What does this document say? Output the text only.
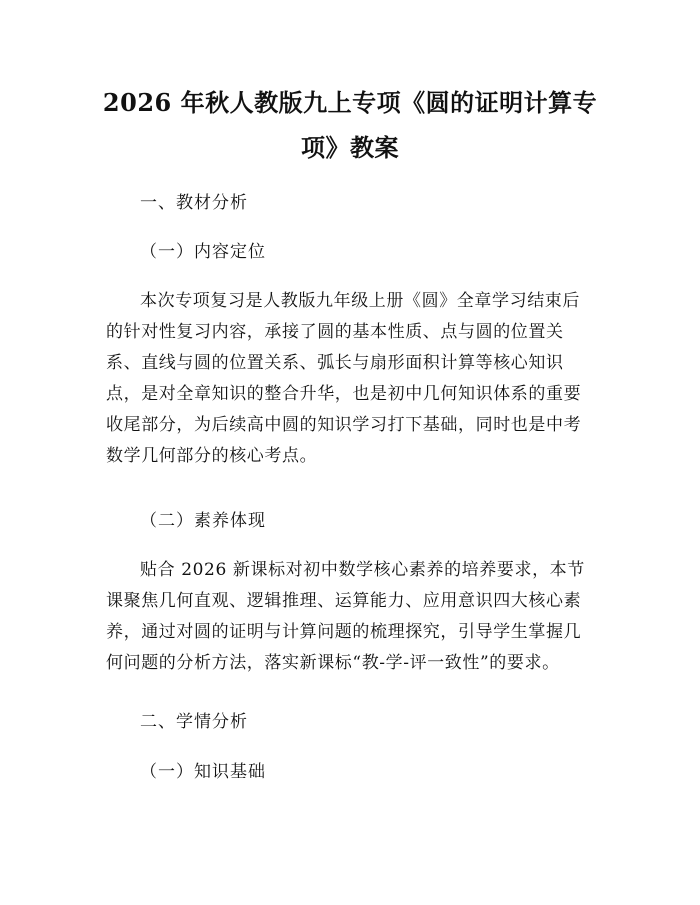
2026 年秋人教版九上专项《圆的证明计算专
项》教案
一、教材分析
（一）内容定位
本次专项复习是人教版九年级上册《圆》全章学习结束后
的针对性复习内容，承接了圆的基本性质、点与圆的位置关
系、直线与圆的位置关系、弧长与扇形面积计算等核心知识
点，是对全章知识的整合升华，也是初中几何知识体系的重要
收尾部分，为后续高中圆的知识学习打下基础，同时也是中考
数学几何部分的核心考点。
（二）素养体现
贴合 2026 新课标对初中数学核心素养的培养要求，本节
课聚焦几何直观、逻辑推理、运算能力、应用意识四大核心素
养，通过对圆的证明与计算问题的梳理探究，引导学生掌握几
何问题的分析方法，落实新课标“教-学-评一致性”的要求。
二、学情分析
（一）知识基础
